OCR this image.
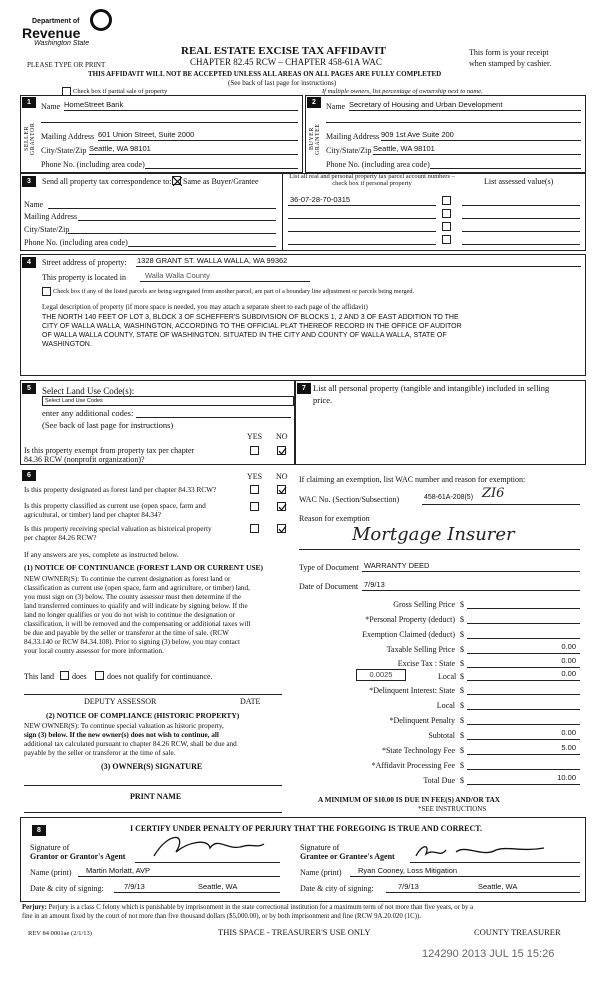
Department of
Revenue
Washington State
REAL ESTATE EXCISE TAX AFFIDAVIT
CHAPTER 82.45 RCW – CHAPTER 458-61A WAC
This form is your receipt
when stamped by cashier.
PLEASE TYPE OR PRINT
THIS AFFIDAVIT WILL NOT BE ACCEPTED UNLESS ALL AREAS ON ALL PAGES ARE FULLY COMPLETED
(See back of last page for instructions)
Check box if partial sale of property	If multiple owners, list percentage of ownership next to name.
1	2
SELLER GRANTOR	BUYER GRANTEE
Name HomeStreet Bank
Mailing Address 601 Union Street, Suite 2000
City/State/Zip Seattle, WA 98101
Phone No. (including area code)
Name Secretary of Housing and Urban Development
Mailing Address 909 1st Ave Suite 200
City/State/Zip Seattle, WA 98101
Phone No. (including area code)
3	Send all property tax correspondence to: Same as Buyer/Grantee
List all real and personal property tax parcel account numbers – check box if personal property	List assessed value(s)
Name
Mailing Address
City/State/Zip
Phone No. (including area code)
36-07-28-70-0315
4	Street address of property: 1328 GRANT ST. WALLA WALLA, WA 99362
This property is located in	Walla Walla County
Check box if any of the listed parcels are being segregated from another parcel, are part of a boundary line adjustment or parcels being merged.
Legal description of property (if more space is needed, you may attach a separate sheet to each page of the affidavit)
THE NORTH 140 FEET OF LOT 3, BLOCK 3 OF SCHEFFER'S SUBDIVISION OF BLOCKS 1, 2 AND 3 OF EAST ADDITION TO THE
CITY OF WALLA WALLA, WASHINGTON, ACCORDING TO THE OFFICIAL PLAT THEREOF RECORD IN THE OFFICE OF AUDITOR
OF WALLA WALLA COUNTY, STATE OF WASHINGTON. SITUATED IN THE CITY AND COUNTY OF WALLA WALLA, STATE OF
WASHINGTON.
5	Select Land Use Code(s):
Select Land Use Codes
enter any additional codes:
(See back of last page for instructions)
YES NO
Is this property exempt from property tax per chapter
84.36 RCW (nonprofit organization)?
7 List all personal property (tangible and intangible) included in selling
price.
6	YES NO
Is this property designated as forest land per chapter 84.33 RCW?
Is this property classified as current use (open space, farm and
agricultural, or timber) land per chapter 84.34?
Is this property receiving special valuation as historical property
per chapter 84.26 RCW?
If any answers are yes, complete as instructed below.
(1) NOTICE OF CONTINUANCE (FOREST LAND OR CURRENT USE)
NEW OWNER(S): To continue the current designation as forest land or
classification as current use (open space, farm and agriculture, or timber) land,
you must sign on (3) below. The county assessor must then determine if the
land transferred continues to qualify and will indicate by signing below. If the
land no longer qualifies or you do not wish to continue the designation or
classification, it will be removed and the compensating or additional taxes will
be due and payable by the seller or transferor at the time of sale. (RCW
84.33.140 or RCW 84.34.108). Prior to signing (3) below, you may contact
your local county assessor for more information.
This land does	does not qualify for continuance.
DEPUTY ASSESSOR	DATE
(2) NOTICE OF COMPLIANCE (HISTORIC PROPERTY)
NEW OWNER(S): To continue special valuation as historic property,
sign (3) below. If the new owner(s) does not wish to continue, all
additional tax calculated pursuant to chapter 84.26 RCW, shall be due and
payable by the seller or transferor at the time of sale.
(3) OWNER(S) SIGNATURE
PRINT NAME
If claiming an exemption, list WAC number and reason for exemption:
WAC No. (Section/Subsection)	458-61A-208(5) ZI6
Reason for exemption
Mortgage Insurer
Type of Document WARRANTY DEED
Date of Document 7/9/13
Gross Selling Price $
*Personal Property (deduct) $
Exemption Claimed (deduct) $
Taxable Selling Price $	0.00
Excise Tax : State $	0.00
0.0025	Local $	0.00
*Delinquent Interest: State $
Local $
*Delinquent Penalty $
Subtotal $	0.00
*State Technology Fee $	5.00
*Affidavit Processing Fee $
Total Due $	10.00
A MINIMUM OF $10.00 IS DUE IN FEE(S) AND/OR TAX
*SEE INSTRUCTIONS
8	I CERTIFY UNDER PENALTY OF PERJURY THAT THE FOREGOING IS TRUE AND CORRECT.
Signature of
Grantor or Grantor's Agent
Signature of
Grantee or Grantee's Agent
Name (print) Martin Morlatt, AVP	Name (print) Ryan Cooney, Loss Mitigation
Date & city of signing:	7/9/13	Seattle, WA	Date & city of signing:	7/9/13	Seattle, WA
Perjury: Perjury is a class C felony which is punishable by imprisonment in the state correctional institution for a maximum term of not more than five years, or by a
fine in an amount fixed by the court of not more than five thousand dollars ($5,000.00), or by both imprisonment and fine (RCW 9A.20.020 (1C)).
REV 84 0001ae (2/1/13)	THIS SPACE - TREASURER'S USE ONLY	COUNTY TREASURER
124290 2013 JUL 15 15:26
